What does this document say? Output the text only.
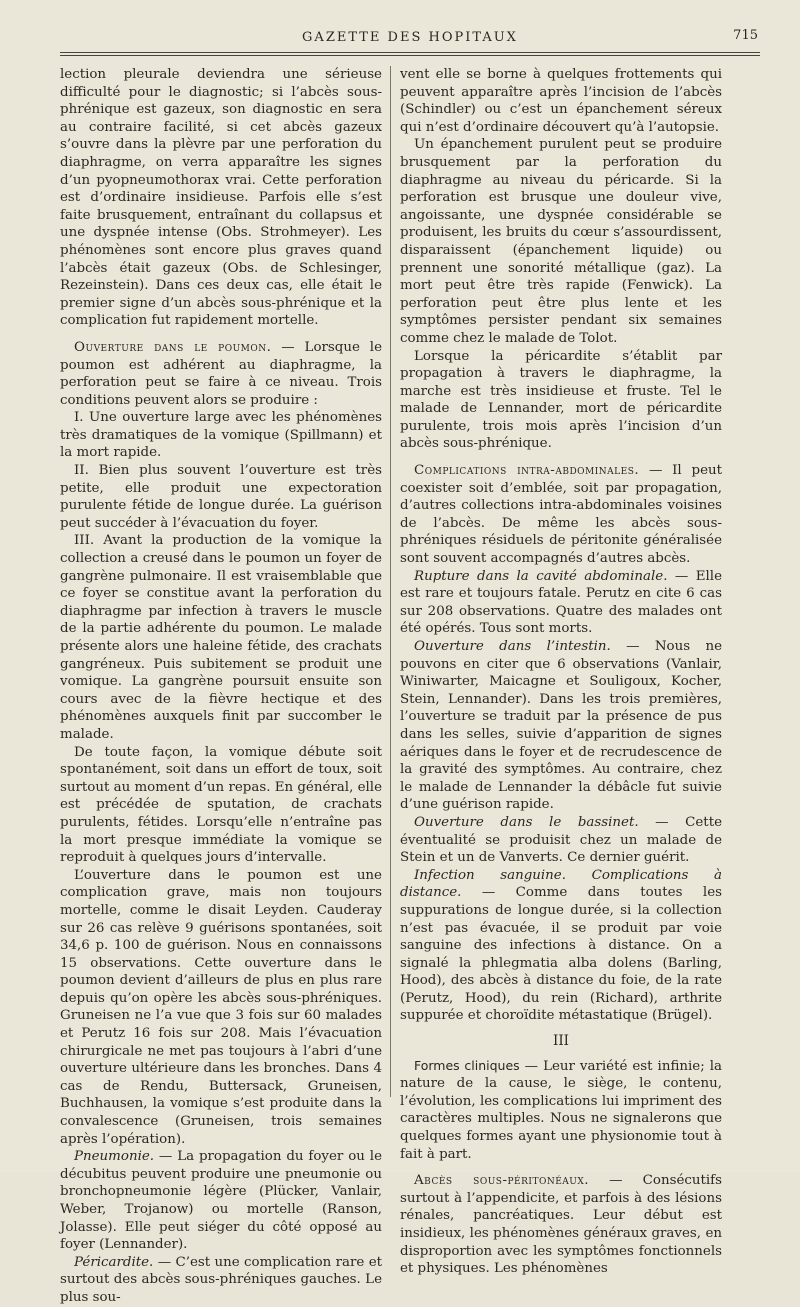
GAZETTE DES HOPITAUX	715

lection pleurale deviendra une sérieuse difficulté pour le diagnostic; si l’abcès sous-phrénique est gazeux, son diagnostic en sera au contraire facilité, si cet abcès gazeux s’ouvre dans la plèvre par une perforation du diaphragme, on verra apparaître les signes d’un pyopneumothorax vrai. Cette perforation est d’ordinaire insidieuse. Parfois elle s’est faite brusquement, entraînant du collapsus et une dyspnée intense (Obs. Strohmeyer). Les phénomènes sont encore plus graves quand l’abcès était gazeux (Obs. de Schlesinger, Rezeinstein). Dans ces deux cas, elle était le premier signe d’un abcès sous-phrénique et la complication fut rapidement mortelle.

Ouverture dans le poumon. — Lorsque le poumon est adhérent au diaphragme, la perforation peut se faire à ce niveau. Trois conditions peuvent alors se produire :

I. Une ouverture large avec les phénomènes très dramatiques de la vomique (Spillmann) et la mort rapide.

II. Bien plus souvent l’ouverture est très petite, elle produit une expectoration purulente fétide de longue durée. La guérison peut succéder à l’évacuation du foyer.

III. Avant la production de la vomique la collection a creusé dans le poumon un foyer de gangrène pulmonaire. Il est vraisemblable que ce foyer se constitue avant la perforation du diaphragme par infection à travers le muscle de la partie adhérente du poumon. Le malade présente alors une haleine fétide, des crachats gangréneux. Puis subitement se produit une vomique. La gangrène poursuit ensuite son cours avec de la fièvre hectique et des phénomènes auxquels finit par succomber le malade.

De toute façon, la vomique débute soit spontanément, soit dans un effort de toux, soit surtout au moment d’un repas. En général, elle est précédée de sputation, de crachats purulents, fétides. Lorsqu’elle n’entraîne pas la mort presque immédiate la vomique se reproduit à quelques jours d’intervalle.

L’ouverture dans le poumon est une complication grave, mais non toujours mortelle, comme le disait Leyden. Cauderay sur 26 cas relève 9 guérisons spontanées, soit 34,6 p. 100 de guérison. Nous en connaissons 15 observations. Cette ouverture dans le poumon devient d’ailleurs de plus en plus rare depuis qu’on opère les abcès sous-phréniques. Gruneisen ne l’a vue que 3 fois sur 60 malades et Perutz 16 fois sur 208. Mais l’évacuation chirurgicale ne met pas toujours à l’abri d’une ouverture ultérieure dans les bronches. Dans 4 cas de Rendu, Buttersack, Gruneisen, Buchhausen, la vomique s’est produite dans la convalescence (Gruneisen, trois semaines après l’opération).

Pneumonie. — La propagation du foyer ou le décubitus peuvent produire une pneumonie ou bronchopneumonie légère (Plücker, Vanlair, Weber, Trojanow) ou mortelle (Ranson, Jolasse). Elle peut siéger du côté opposé au foyer (Lennander).

Péricardite. — C’est une complication rare et surtout des abcès sous-phréniques gauches. Le plus sou-

vent elle se borne à quelques frottements qui peuvent apparaître après l’incision de l’abcès (Schindler) ou c’est un épanchement séreux qui n’est d’ordinaire découvert qu’à l’autopsie.

Un épanchement purulent peut se produire brusquement par la perforation du diaphragme au niveau du péricarde. Si la perforation est brusque une douleur vive, angoissante, une dyspnée considérable se produisent, les bruits du cœur s’assourdissent, disparaissent (épanchement liquide) ou prennent une sonorité métallique (gaz). La mort peut être très rapide (Fenwick). La perforation peut être plus lente et les symptômes persister pendant six semaines comme chez le malade de Tolot.

Lorsque la péricardite s’établit par propagation à travers le diaphragme, la marche est très insidieuse et fruste. Tel le malade de Lennander, mort de péricardite purulente, trois mois après l’incision d’un abcès sous-phrénique.

Complications intra-abdominales. — Il peut coexister soit d’emblée, soit par propagation, d’autres collections intra-abdominales voisines de l’abcès. De même les abcès sous-phréniques résiduels de péritonite généralisée sont souvent accompagnés d’autres abcès.

Rupture dans la cavité abdominale. — Elle est rare et toujours fatale. Perutz en cite 6 cas sur 208 observations. Quatre des malades ont été opérés. Tous sont morts.

Ouverture dans l’intestin. — Nous ne pouvons en citer que 6 observations (Vanlair, Winiwarter, Maicagne et Souligoux, Kocher, Stein, Lennander). Dans les trois premières, l’ouverture se traduit par la présence de pus dans les selles, suivie d’apparition de signes aériques dans le foyer et de recrudescence de la gravité des symptômes. Au contraire, chez le malade de Lennander la débâcle fut suivie d’une guérison rapide.

Ouverture dans le bassinet. — Cette éventualité se produisit chez un malade de Stein et un de Vanverts. Ce dernier guérit.

Infection sanguine. Complications à distance. — Comme dans toutes les suppurations de longue durée, si la collection n’est pas évacuée, il se produit par voie sanguine des infections à distance. On a signalé la phlegmatia alba dolens (Barling, Hood), des abcès à distance du foie, de la rate (Perutz, Hood), du rein (Richard), arthrite suppurée et choroïdite métastatique (Brügel).

III

Formes cliniques — Leur variété est infinie; la nature de la cause, le siège, le contenu, l’évolution, les complications lui impriment des caractères multiples. Nous ne signalerons que quelques formes ayant une physionomie tout à fait à part.

Abcès sous-péritonéaux. — Consécutifs surtout à l’appendicite, et parfois à des lésions rénales, pancréatiques. Leur début est insidieux, les phénomènes généraux graves, en disproportion avec les symptômes fonctionnels et physiques. Les phénomènes
